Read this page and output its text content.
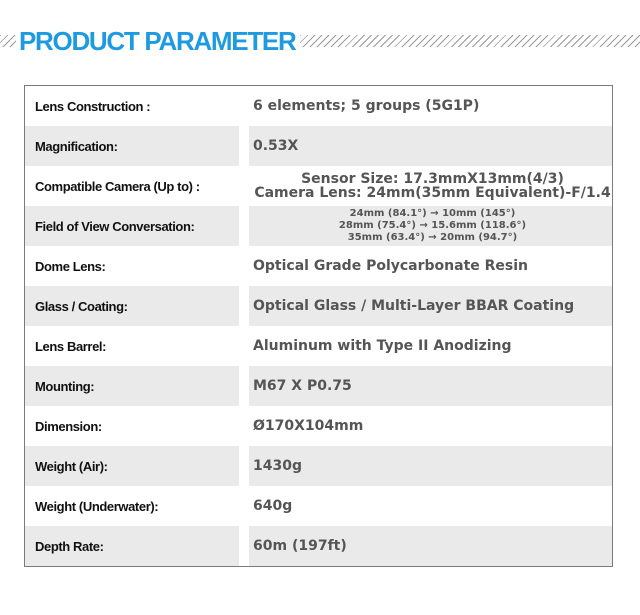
PRODUCT PARAMETER
Lens Construction :	6 elements; 5 groups (5G1P)
Magnification:	0.53X
Compatible Camera (Up to) :	Sensor Size: 17.3mmX13mm(4/3)
Camera Lens: 24mm(35mm Equivalent)-F/1.4
Field of View Conversation:
24mm (84.1°) → 10mm (145°)
28mm (75.4°) → 15.6mm (118.6°)
35mm (63.4°) → 20mm (94.7°)
Dome Lens:	Optical Grade Polycarbonate Resin
Glass / Coating:	Optical Glass / Multi-Layer BBAR Coating
Lens Barrel:	Aluminum with Type II Anodizing
Mounting:	M67 X P0.75
Dimension:	Ø170X104mm
Weight (Air):	1430g
Weight (Underwater):	640g
Depth Rate:	60m (197ft)
